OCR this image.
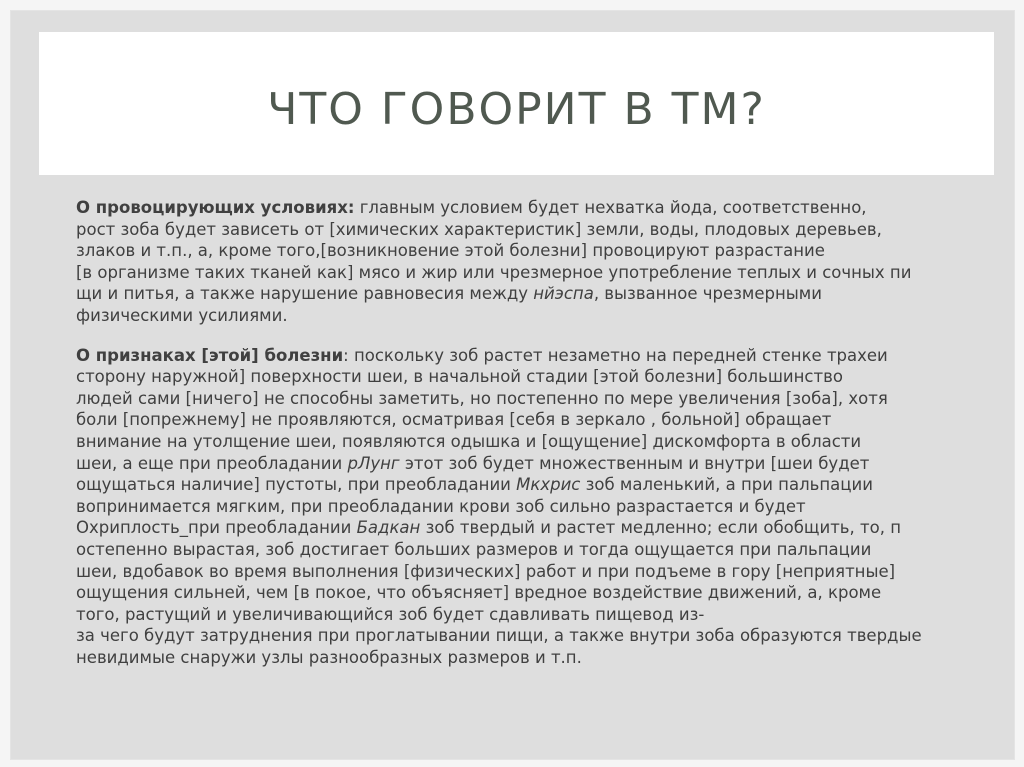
ЧТО ГОВОРИТ В ТМ?
О провоцирующих условиях: главным условием будет нехватка йода, соответственно,
рост зоба будет зависеть от [химических характеристик] земли, воды, плодовых деревьев,
злаков и т.п., а, кроме того,[возникновение этой болезни] провоцируют разрастание
[в организме таких тканей как] мясо и жир или чрезмерное употребление теплых и сочных пи
щи и питья, а также нарушение равновесия между нйэспа, вызванное чрезмерными
физическими усилиями.
О признаках [этой] болезни: поскольку зоб растет незаметно на передней стенке трахеи
сторону наружной] поверхности шеи, в начальной стадии [этой болезни] большинство
людей сами [ничего] не способны заметить, но постепенно по мере увеличения [зоба], хотя
боли [попрежнему] не проявляются, осматривая [себя в зеркало , больной] обращает
внимание на утолщение шеи, появляются одышка и [ощущение] дискомфорта в области
шеи, а еще при преобладании рЛунг этот зоб будет множественным и внутри [шеи будет
ощущаться наличие] пустоты, при преобладании Мкхрис зоб маленький, а при пальпации
вопринимается мягким, при преобладании крови зоб сильно разрастается и будет
Охриплость_при преобладании Бадкан зоб твердый и растет медленно; если обобщить, то, п
остепенно вырастая, зоб достигает больших размеров и тогда ощущается при пальпации
шеи, вдобавок во время выполнения [физических] работ и при подъеме в гору [неприятные]
ощущения сильней, чем [в покое, что объясняет] вредное воздействие движений, а, кроме
того, растущий и увеличивающийся зоб будет сдавливать пищевод из-
за чего будут затруднения при проглатывании пищи, а также внутри зоба образуются твердые
невидимые снаружи узлы разнообразных размеров и т.п.
